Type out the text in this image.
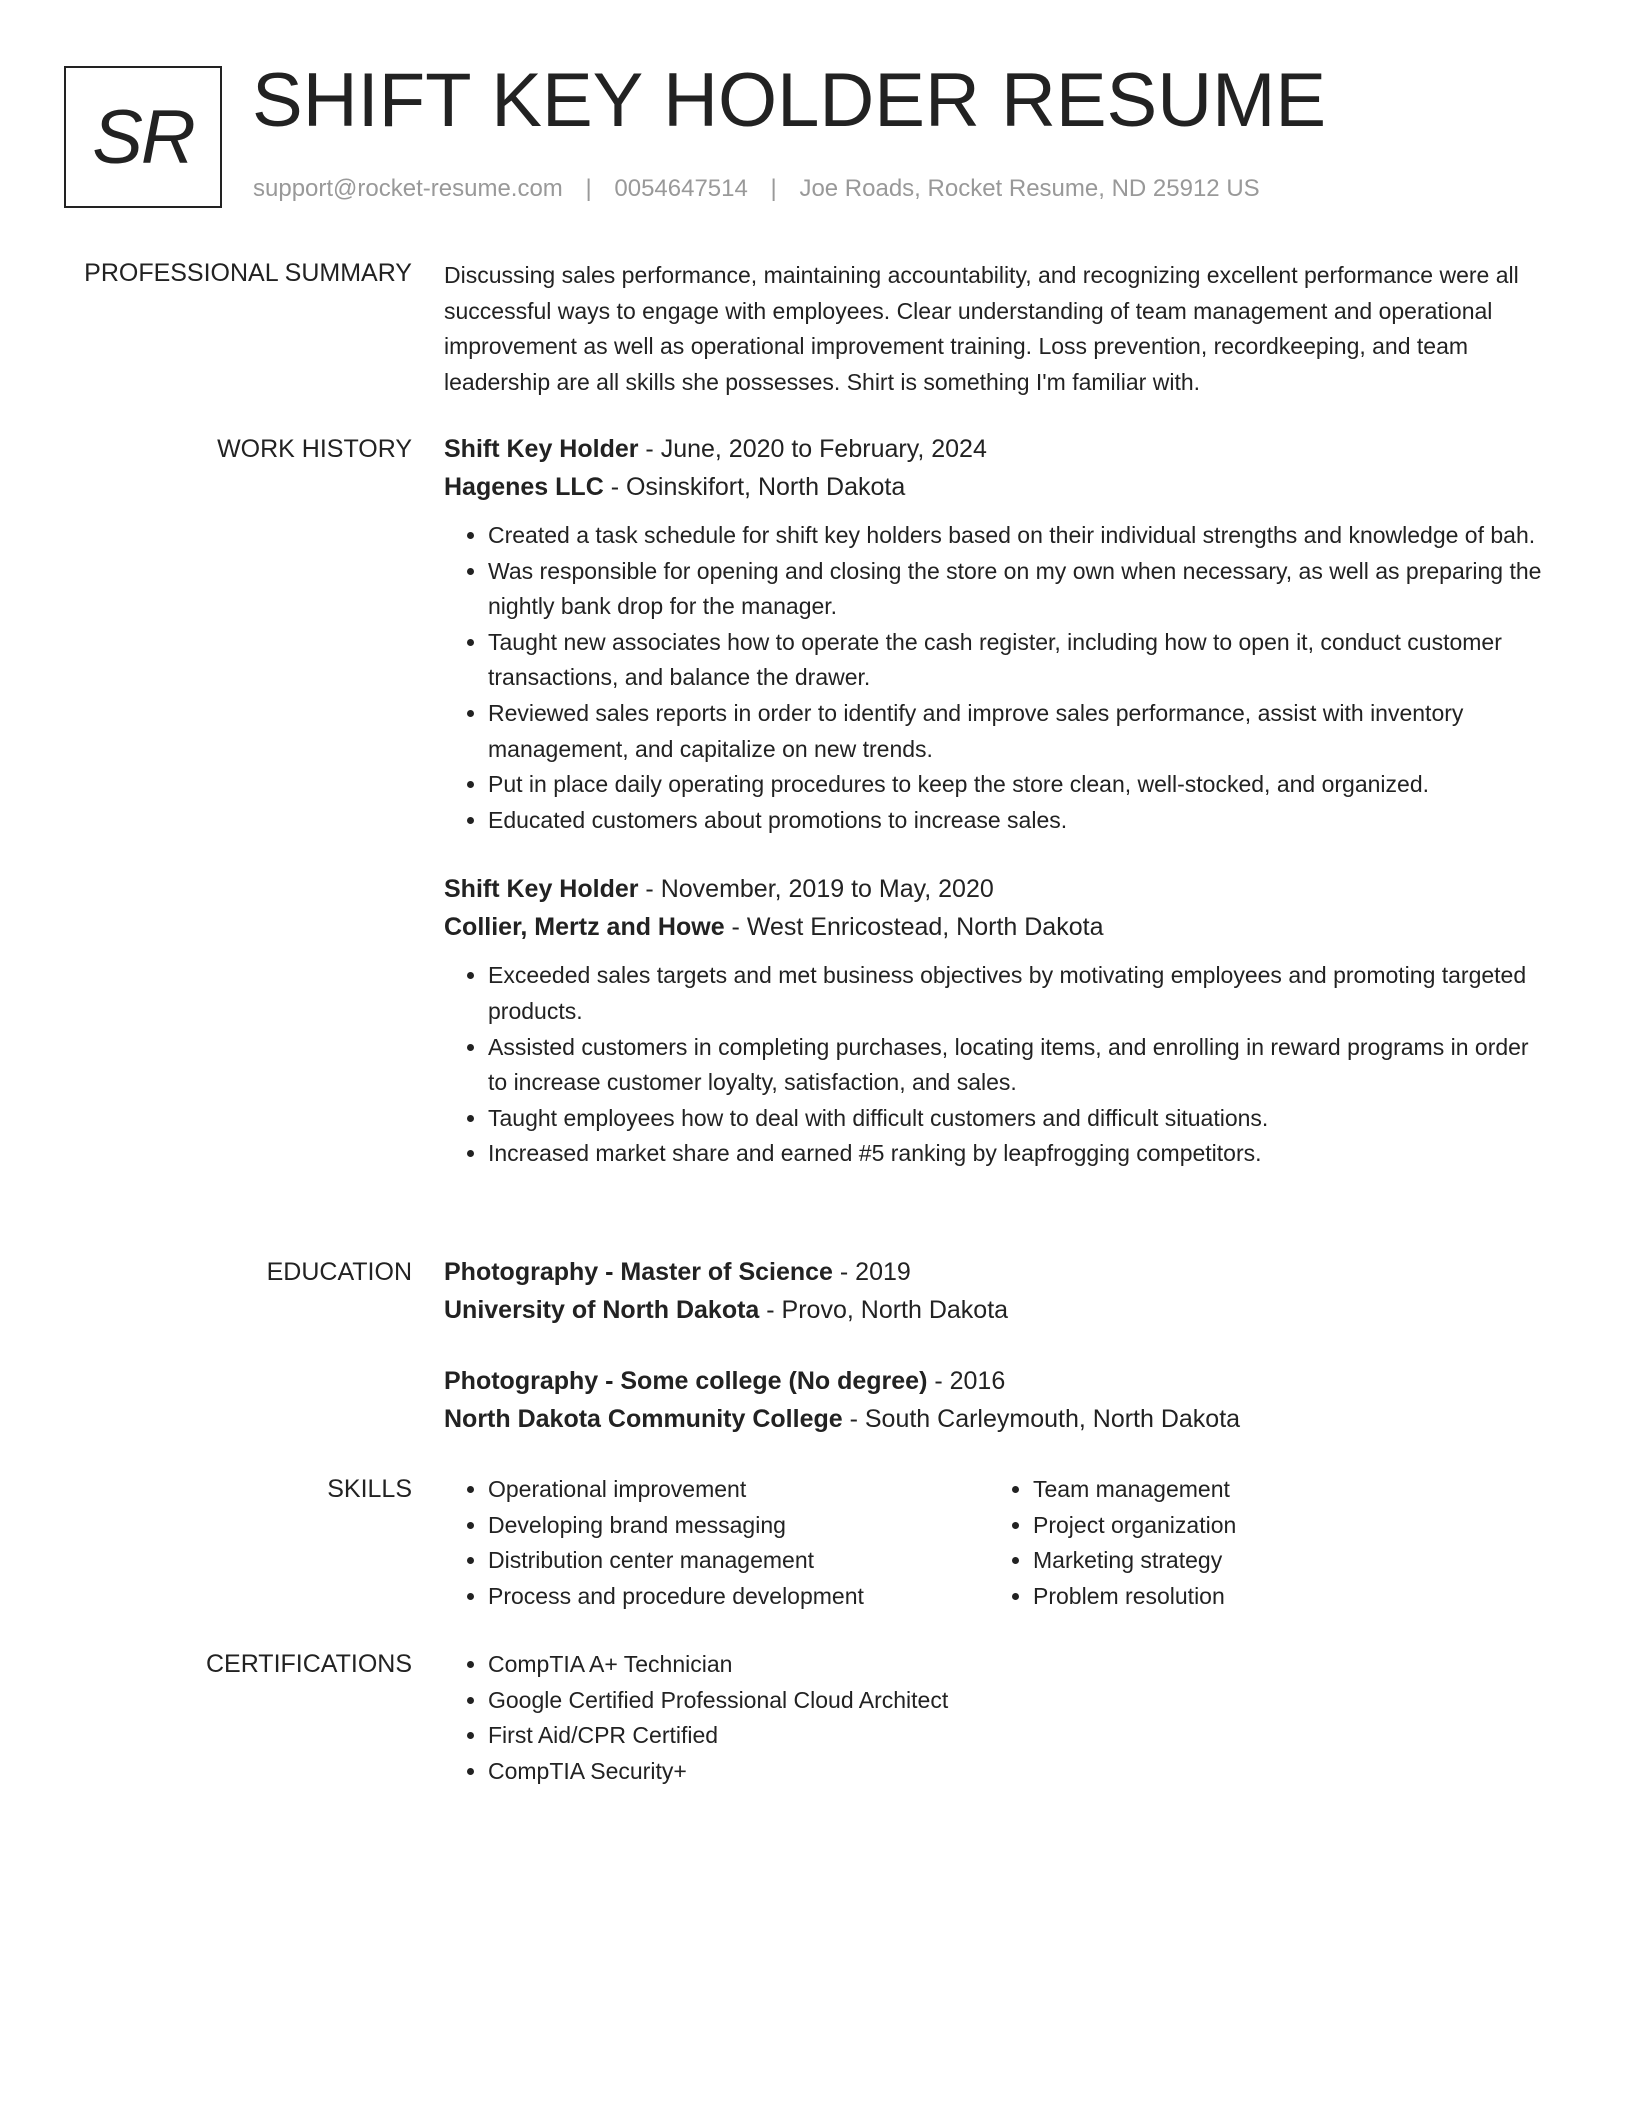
SR SHIFT KEY HOLDER RESUME
support@rocket-resume.com | 0054647514 | Joe Roads, Rocket Resume, ND 25912 US
PROFESSIONAL SUMMARY Discussing sales performance, maintaining accountability, and recognizing excellent performance were all successful ways to engage with employees. Clear understanding of team management and operational improvement as well as operational improvement training. Loss prevention, recordkeeping, and team leadership are all skills she possesses. Shirt is something I'm familiar with.

WORK HISTORY Shift Key Holder - June, 2020 to February, 2024

Hagenes LLC - Osinskifort, North Dakota

• Created a task schedule for shift key holders based on their individual strengths and knowledge of bah.
• Was responsible for opening and closing the store on my own when necessary, as well as preparing the nightly bank drop for the manager.
• Taught new associates how to operate the cash register, including how to open it, conduct customer transactions, and balance the drawer.
• Reviewed sales reports in order to identify and improve sales performance, assist with inventory management, and capitalize on new trends.
• Put in place daily operating procedures to keep the store clean, well-stocked, and organized.
• Educated customers about promotions to increase sales.

Shift Key Holder - November, 2019 to May, 2020

Collier, Mertz and Howe - West Enricostead, North Dakota

• Exceeded sales targets and met business objectives by motivating employees and promoting targeted products.
• Assisted customers in completing purchases, locating items, and enrolling in reward programs in order to increase customer loyalty, satisfaction, and sales.
• Taught employees how to deal with difficult customers and difficult situations.
• Increased market share and earned #5 ranking by leapfrogging competitors.
EDUCATION Photography - Master of Science - 2019

University of North Dakota - Provo, North Dakota

Photography - Some college (No degree) - 2016

North Dakota Community College - South Carleymouth, North Dakota

SKILLS	• Operational improvement
• Developing brand messaging
• Distribution center management
• Process and procedure development
• Team management
• Project organization
• Marketing strategy
• Problem resolution
CERTIFICATIONS	• CompTIA A+ Technician
• Google Certified Professional Cloud Architect
• First Aid/CPR Certified
• CompTIA Security+
